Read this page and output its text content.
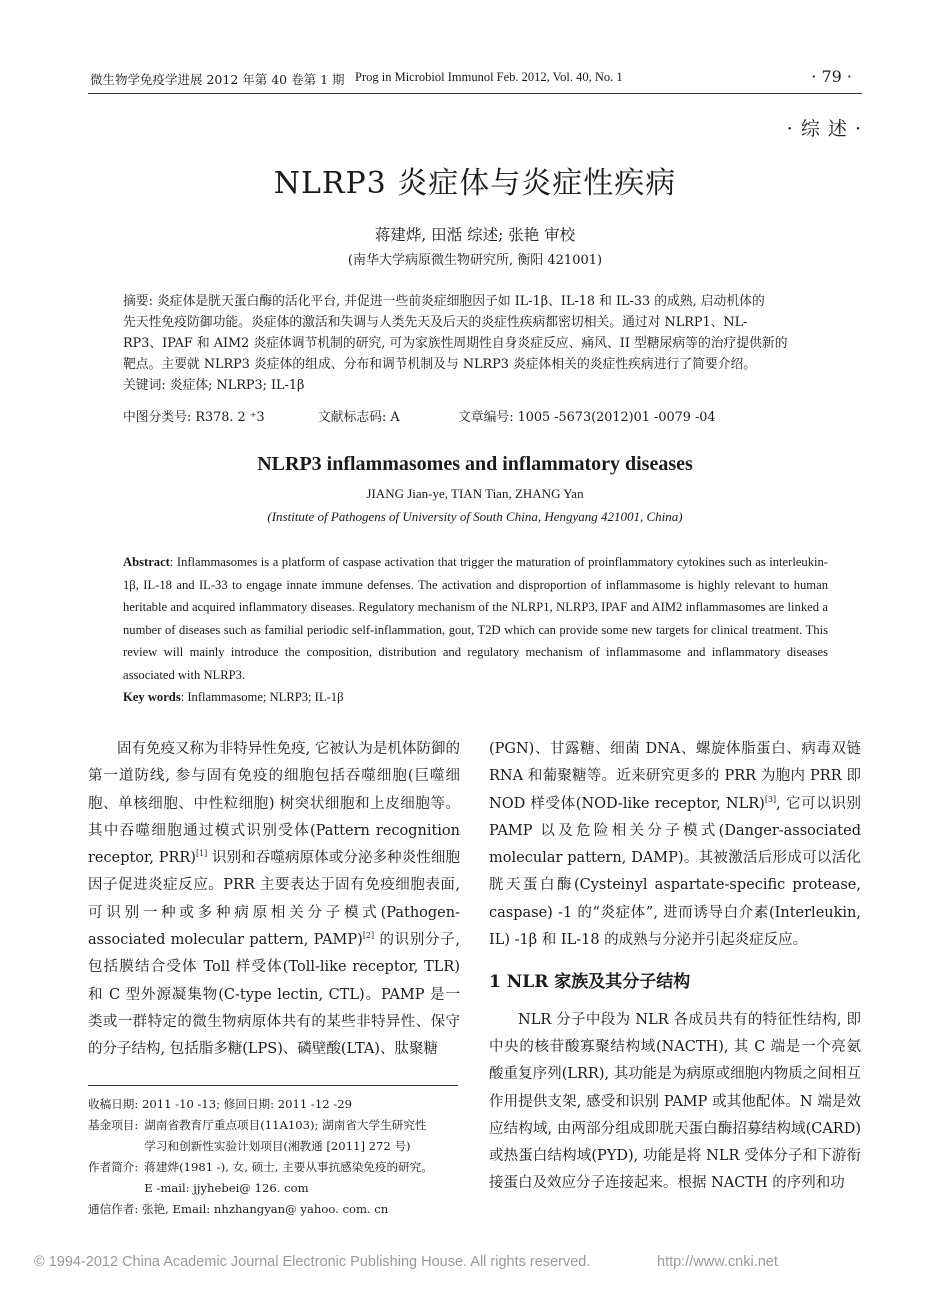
微生物学免疫学进展 2012 年第 40 卷第 1 期 Prog in Microbiol Immunol Feb. 2012, Vol. 40, No. 1	· 79 ·
· 综 述 ·
NLRP3 炎症体与炎症性疾病
蒋建烨, 田湉 综述; 张艳 审校
(南华大学病原微生物研究所, 衡阳 421001)
摘要: 炎症体是胱天蛋白酶的活化平台, 并促进一些前炎症细胞因子如 IL-1β、IL-18 和 IL-33 的成熟, 启动机体的
先天性免疫防御功能。炎症体的激活和失调与人类先天及后天的炎症性疾病都密切相关。通过对 NLRP1、NL-
RP3、IPAF 和 AIM2 炎症体调节机制的研究, 可为家族性周期性自身炎症反应、痛风、II 型糖尿病等的治疗提供新的
靶点。主要就 NLRP3 炎症体的组成、分布和调节机制及与 NLRP3 炎症体相关的炎症性疾病进行了简要介绍。
关键词: 炎症体; NLRP3; IL-1β
中图分类号: R378. 2 ⁺3	文献标志码: A	文章编号: 1005 -5673(2012)01 -0079 -04
NLRP3 inflammasomes and inflammatory diseases
JIANG Jian-ye, TIAN Tian, ZHANG Yan
(Institute of Pathogens of University of South China, Hengyang 421001, China)
Abstract: Inflammasomes is a platform of caspase activation that trigger the maturation of proinflammatory cytokines such as interleukin-1β, IL-18 and IL-33 to engage innate immune defenses. The activation and disproportion of inflammasome is highly relevant to human heritable and acquired inflammatory diseases. Regulatory mechanism of the NLRP1, NLRP3, IPAF and AIM2 inflammasomes are linked a number of diseases such as familial periodic self-inflammation, gout, T2D which can provide some new targets for clinical treatment. This review will mainly introduce the composition, distribution and regulatory mechanism of inflammasome and inflammatory diseases associated with NLRP3.
Key words: Inflammasome; NLRP3; IL-1β

固有免疫又称为非特异性免疫, 它被认为是机体防御的第一道防线, 参与固有免疫的细胞包括吞噬细胞(巨噬细胞、单核细胞、中性粒细胞) 树突状细胞和上皮细胞等。其中吞噬细胞通过模式识别受体(Pattern recognition receptor, PRR)[1] 识别和吞噬病原体或分泌多种炎性细胞因子促进炎症反应。PRR 主要表达于固有免疫细胞表面, 可识别一种或多种病原相关分子模式(Pathogen-associated molecular pattern, PAMP)[2] 的识别分子, 包括膜结合受体 Toll 样受体(Toll-like receptor, TLR) 和 C 型外源凝集物(C-type lectin, CTL)。PAMP 是一类或一群特定的微生物病原体共有的某些非特异性、保守的分子结构, 包括脂多糖(LPS)、磷壁酸(LTA)、肽聚糖

收稿日期: 2011 -10 -13; 修回日期: 2011 -12 -29
基金项目: 湖南省教育厅重点项目(11A103); 湖南省大学生研究性
学习和创新性实验计划项目(湘教通 [2011] 272 号)
作者简介: 蒋建烨(1981 -), 女, 硕士, 主要从事抗感染免疫的研究。
E -mail: jjyhebei@ 126. com
通信作者: 张艳, Email: nhzhangyan@ yahoo. com. cn

(PGN)、甘露糖、细菌 DNA、螺旋体脂蛋白、病毒双链 RNA 和葡聚糖等。近来研究更多的 PRR 为胞内 PRR 即 NOD 样受体(NOD-like receptor, NLR)[3], 它可以识别 PAMP 以及危险相关分子模式(Danger-associated molecular pattern, DAMP)。其被激活后形成可以活化胱天蛋白酶(Cysteinyl aspartate-specific protease, caspase) -1 的“炎症体”, 进而诱导白介素(Interleukin, IL) -1β 和 IL-18 的成熟与分泌并引起炎症反应。

1 NLR 家族及其分子结构

NLR 分子中段为 NLR 各成员共有的特征性结构, 即中央的核苷酸寡聚结构域(NACTH), 其 C 端是一个亮氨酸重复序列(LRR), 其功能是为病原或细胞内物质之间相互作用提供支架, 感受和识别 PAMP 或其他配体。N 端是效应结构域, 由两部分组成即胱天蛋白酶招募结构域(CARD) 或热蛋白结构域(PYD), 功能是将 NLR 受体分子和下游衔接蛋白及效应分子连接起来。根据 NACTH 的序列和功

© 1994-2012 China Academic Journal Electronic Publishing House. All rights reserved.	http://www.cnki.net
